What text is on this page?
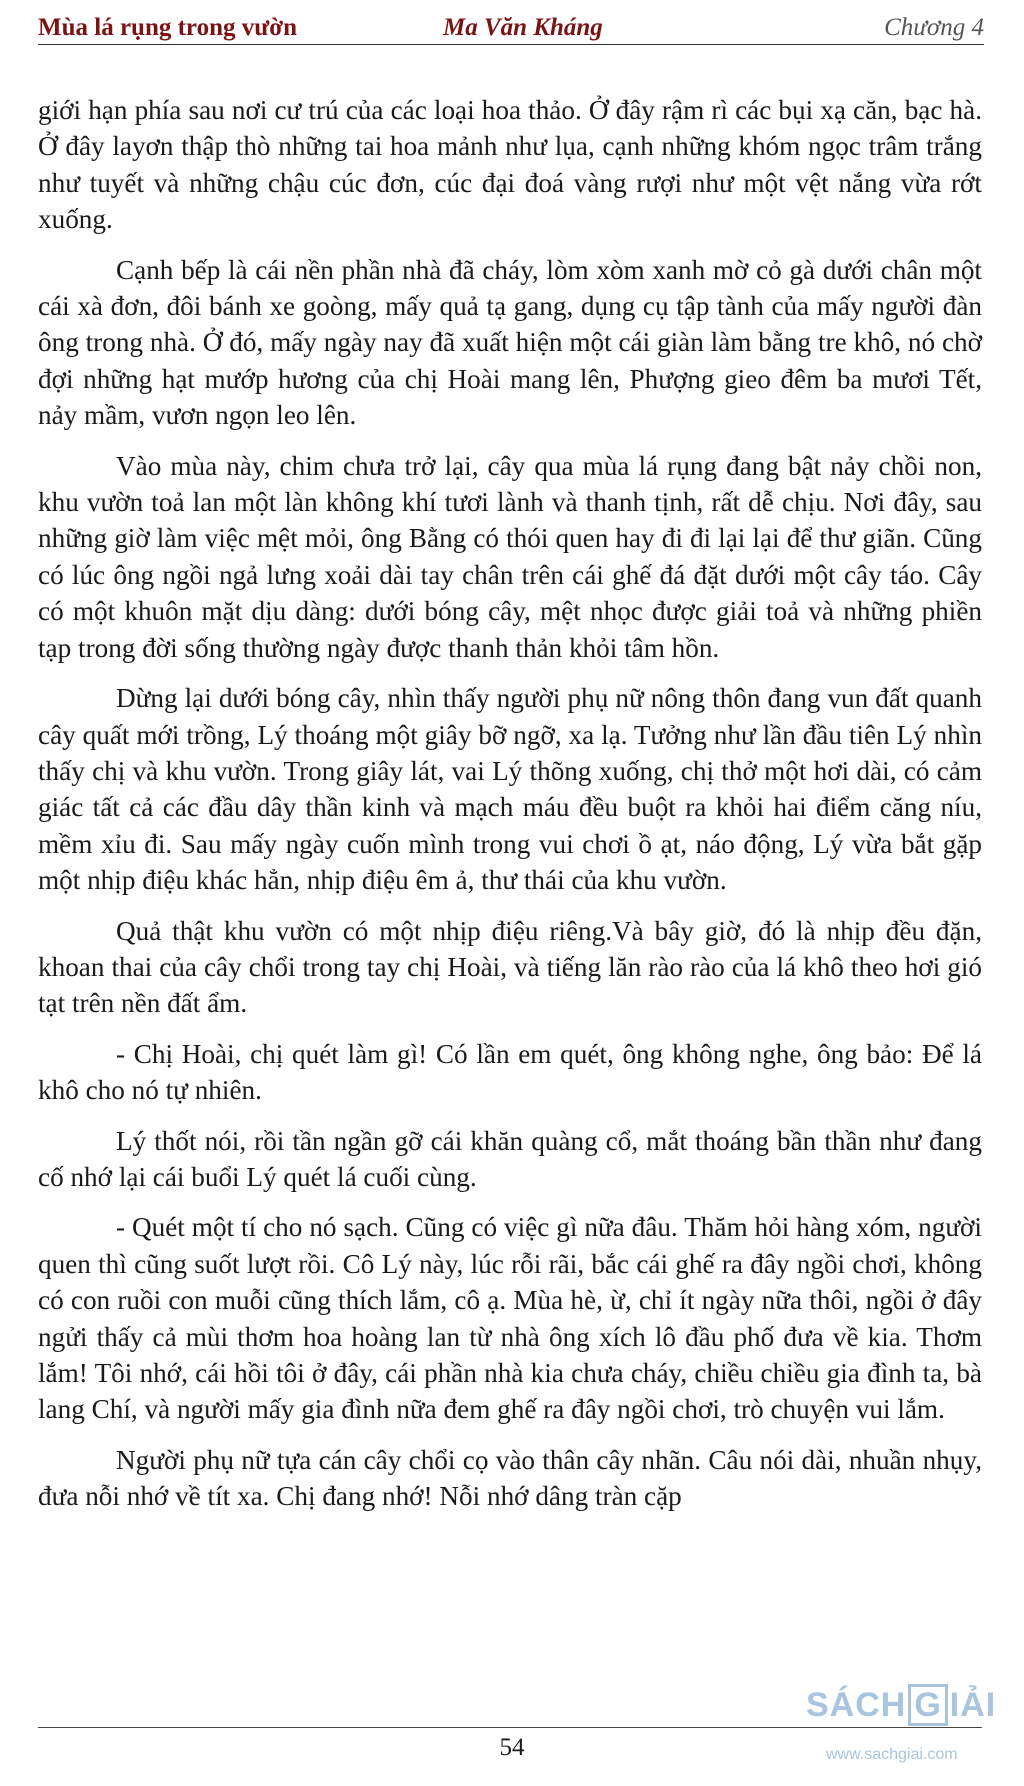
Mùa lá rụng trong vườn	Ma Văn Kháng	Chương 4

giới hạn phía sau nơi cư trú của các loại hoa thảo. Ở đây rậm rì các bụi xạ căn, bạc hà. Ở đây layơn thập thò những tai hoa mảnh như lụa, cạnh những khóm ngọc trâm trắng như tuyết và những chậu cúc đơn, cúc đại đoá vàng rượi như một vệt nắng vừa rớt xuống.

Cạnh bếp là cái nền phần nhà đã cháy, lòm xòm xanh mờ cỏ gà dưới chân một cái xà đơn, đôi bánh xe goòng, mấy quả tạ gang, dụng cụ tập tành của mấy người đàn ông trong nhà. Ở đó, mấy ngày nay đã xuất hiện một cái giàn làm bằng tre khô, nó chờ đợi những hạt mướp hương của chị Hoài mang lên, Phượng gieo đêm ba mươi Tết, nảy mầm, vươn ngọn leo lên.

Vào mùa này, chim chưa trở lại, cây qua mùa lá rụng đang bật nảy chồi non, khu vườn toả lan một làn không khí tươi lành và thanh tịnh, rất dễ chịu. Nơi đây, sau những giờ làm việc mệt mỏi, ông Bằng có thói quen hay đi đi lại lại để thư giãn. Cũng có lúc ông ngồi ngả lưng xoải dài tay chân trên cái ghế đá đặt dưới một cây táo. Cây có một khuôn mặt dịu dàng: dưới bóng cây, mệt nhọc được giải toả và những phiền tạp trong đời sống thường ngày được thanh thản khỏi tâm hồn.

Dừng lại dưới bóng cây, nhìn thấy người phụ nữ nông thôn đang vun đất quanh cây quất mới trồng, Lý thoáng một giây bỡ ngỡ, xa lạ. Tưởng như lần đầu tiên Lý nhìn thấy chị và khu vườn. Trong giây lát, vai Lý thõng xuống, chị thở một hơi dài, có cảm giác tất cả các đầu dây thần kinh và mạch máu đều buột ra khỏi hai điểm căng níu, mềm xỉu đi. Sau mấy ngày cuốn mình trong vui chơi ồ ạt, náo động, Lý vừa bắt gặp một nhịp điệu khác hẳn, nhịp điệu êm ả, thư thái của khu vườn.

Quả thật khu vườn có một nhịp điệu riêng.Và bây giờ, đó là nhịp đều đặn, khoan thai của cây chổi trong tay chị Hoài, và tiếng lăn rào rào của lá khô theo hơi gió tạt trên nền đất ẩm.

- Chị Hoài, chị quét làm gì! Có lần em quét, ông không nghe, ông bảo: Để lá khô cho nó tự nhiên.

Lý thốt nói, rồi tần ngần gỡ cái khăn quàng cổ, mắt thoáng bần thần như đang cố nhớ lại cái buổi Lý quét lá cuối cùng.

- Quét một tí cho nó sạch. Cũng có việc gì nữa đâu. Thăm hỏi hàng xóm, người quen thì cũng suốt lượt rồi. Cô Lý này, lúc rỗi rãi, bắc cái ghế ra đây ngồi chơi, không có con ruồi con muỗi cũng thích lắm, cô ạ. Mùa hè, ừ, chỉ ít ngày nữa thôi, ngồi ở đây ngửi thấy cả mùi thơm hoa hoàng lan từ nhà ông xích lô đầu phố đưa về kia. Thơm lắm! Tôi nhớ, cái hồi tôi ở đây, cái phần nhà kia chưa cháy, chiều chiều gia đình ta, bà lang Chí, và người mấy gia đình nữa đem ghế ra đây ngồi chơi, trò chuyện vui lắm.

Người phụ nữ tựa cán cây chổi cọ vào thân cây nhãn. Câu nói dài, nhuần nhụy, đưa nỗi nhớ về tít xa. Chị đang nhớ! Nỗi nhớ dâng tràn cặp

54
SÁCH G IẢI
www.sachgiai.com
